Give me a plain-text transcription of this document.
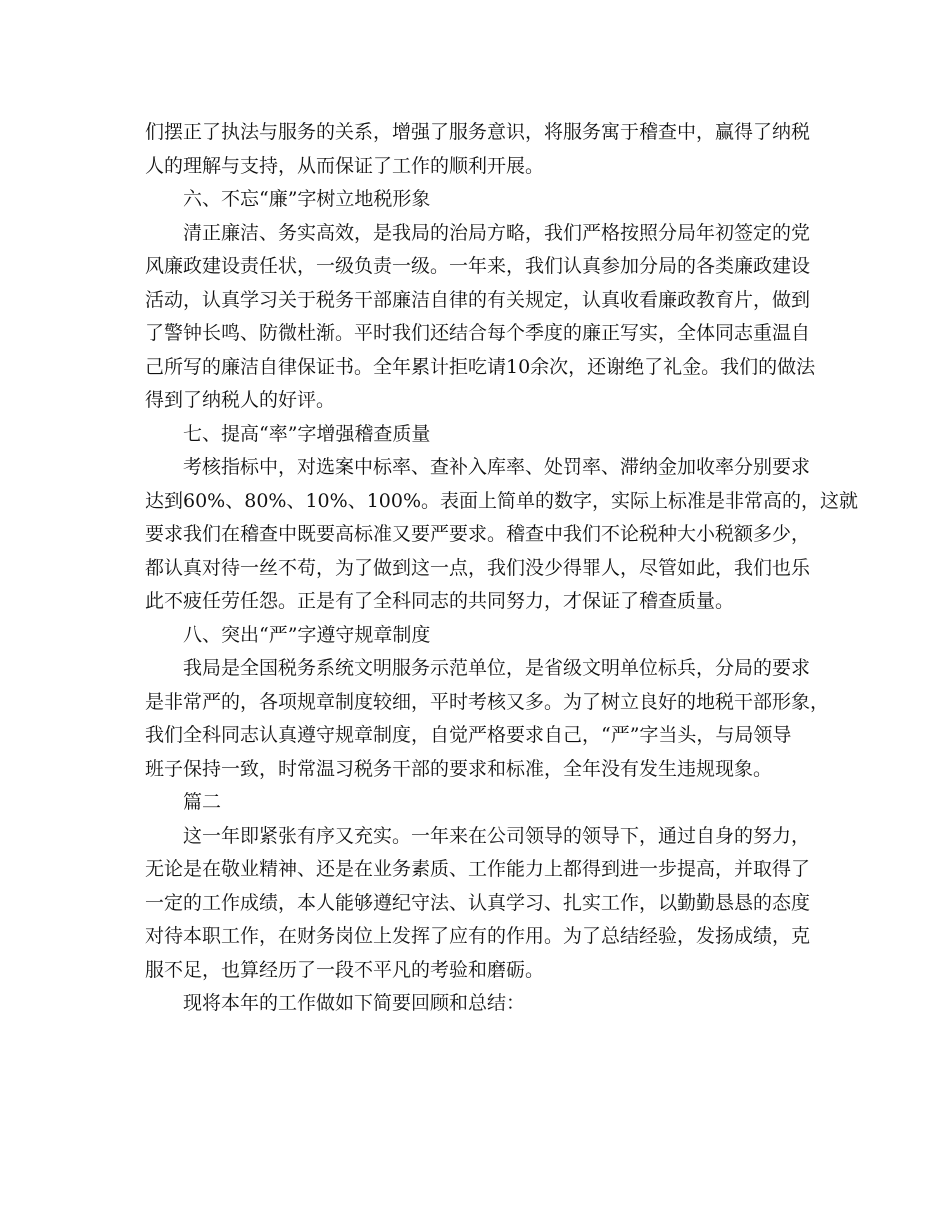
们摆正了执法与服务的关系，增强了服务意识，将服务寓于稽查中，赢得了纳税
人的理解与支持，从而保证了工作的顺利开展。
六、不忘“廉”字树立地税形象
清正廉洁、务实高效，是我局的治局方略，我们严格按照分局年初签定的党
风廉政建设责任状，一级负责一级。一年来，我们认真参加分局的各类廉政建设
活动，认真学习关于税务干部廉洁自律的有关规定，认真收看廉政教育片，做到
了警钟长鸣、防微杜渐。平时我们还结合每个季度的廉正写实，全体同志重温自
己所写的廉洁自律保证书。全年累计拒吃请10余次，还谢绝了礼金。我们的做法
得到了纳税人的好评。
七、提高“率”字增强稽查质量
考核指标中，对选案中标率、查补入库率、处罚率、滞纳金加收率分别要求
达到60%、80%、10%、100%。表面上简单的数字，实际上标准是非常高的，这就
要求我们在稽查中既要高标准又要严要求。稽查中我们不论税种大小税额多少，
都认真对待一丝不苟，为了做到这一点，我们没少得罪人，尽管如此，我们也乐
此不疲任劳任怨。正是有了全科同志的共同努力，才保证了稽查质量。
八、突出“严”字遵守规章制度
我局是全国税务系统文明服务示范单位，是省级文明单位标兵，分局的要求
是非常严的，各项规章制度较细，平时考核又多。为了树立良好的地税干部形象，
我们全科同志认真遵守规章制度，自觉严格要求自己，“严”字当头，与局领导
班子保持一致，时常温习税务干部的要求和标准，全年没有发生违规现象。
篇二
这一年即紧张有序又充实。一年来在公司领导的领导下，通过自身的努力，
无论是在敬业精神、还是在业务素质、工作能力上都得到进一步提高，并取得了
一定的工作成绩，本人能够遵纪守法、认真学习、扎实工作，以勤勤恳恳的态度
对待本职工作，在财务岗位上发挥了应有的作用。为了总结经验，发扬成绩，克
服不足，也算经历了一段不平凡的考验和磨砺。
现将本年的工作做如下简要回顾和总结：
